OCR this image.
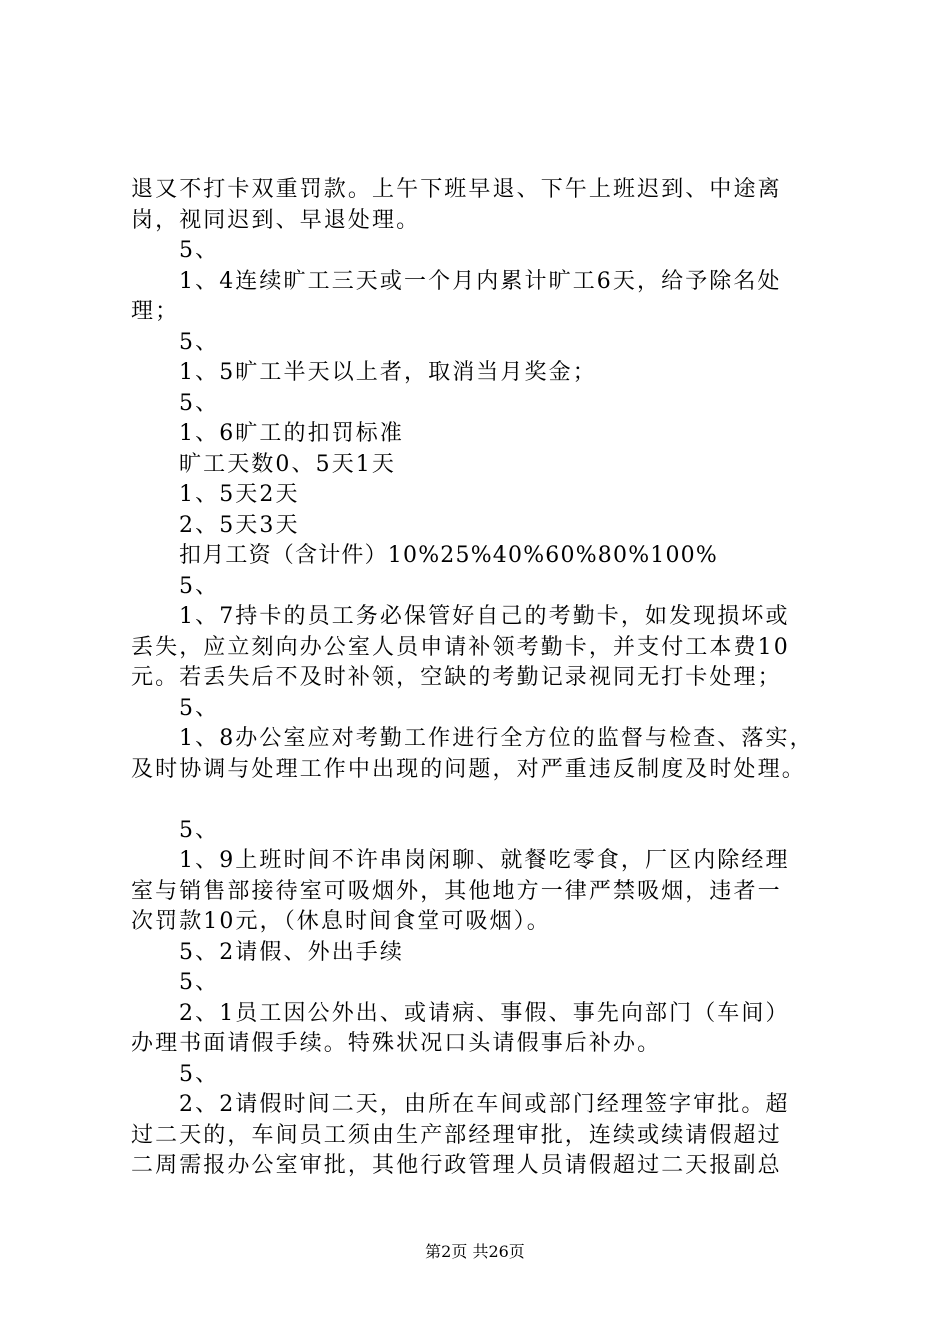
退又不打卡双重罚款。上午下班早退、下午上班迟到、中途离
岗，视同迟到、早退处理。
5、
1、4连续旷工三天或一个月内累计旷工6天，给予除名处
理；
5、
1、5旷工半天以上者，取消当月奖金；
5、
1、6旷工的扣罚标准
旷工天数0、5天1天
1、5天2天
2、5天3天
扣月工资（含计件）10%25%40%60%80%100%
5、
1、7持卡的员工务必保管好自己的考勤卡，如发现损坏或
丢失，应立刻向办公室人员申请补领考勤卡，并支付工本费10
元。若丢失后不及时补领，空缺的考勤记录视同无打卡处理；
5、
1、8办公室应对考勤工作进行全方位的监督与检查、落实，
及时协调与处理工作中出现的问题，对严重违反制度及时处理。
5、
1、9上班时间不许串岗闲聊、就餐吃零食，厂区内除经理
室与销售部接待室可吸烟外，其他地方一律严禁吸烟，违者一
次罚款10元，（休息时间食堂可吸烟）。
5、2请假、外出手续
5、
2、1员工因公外出、或请病、事假、事先向部门（车间）
办理书面请假手续。特殊状况口头请假事后补办。
5、
2、2请假时间二天，由所在车间或部门经理签字审批。超
过二天的，车间员工须由生产部经理审批，连续或续请假超过
二周需报办公室审批，其他行政管理人员请假超过二天报副总
第2页 共26页
